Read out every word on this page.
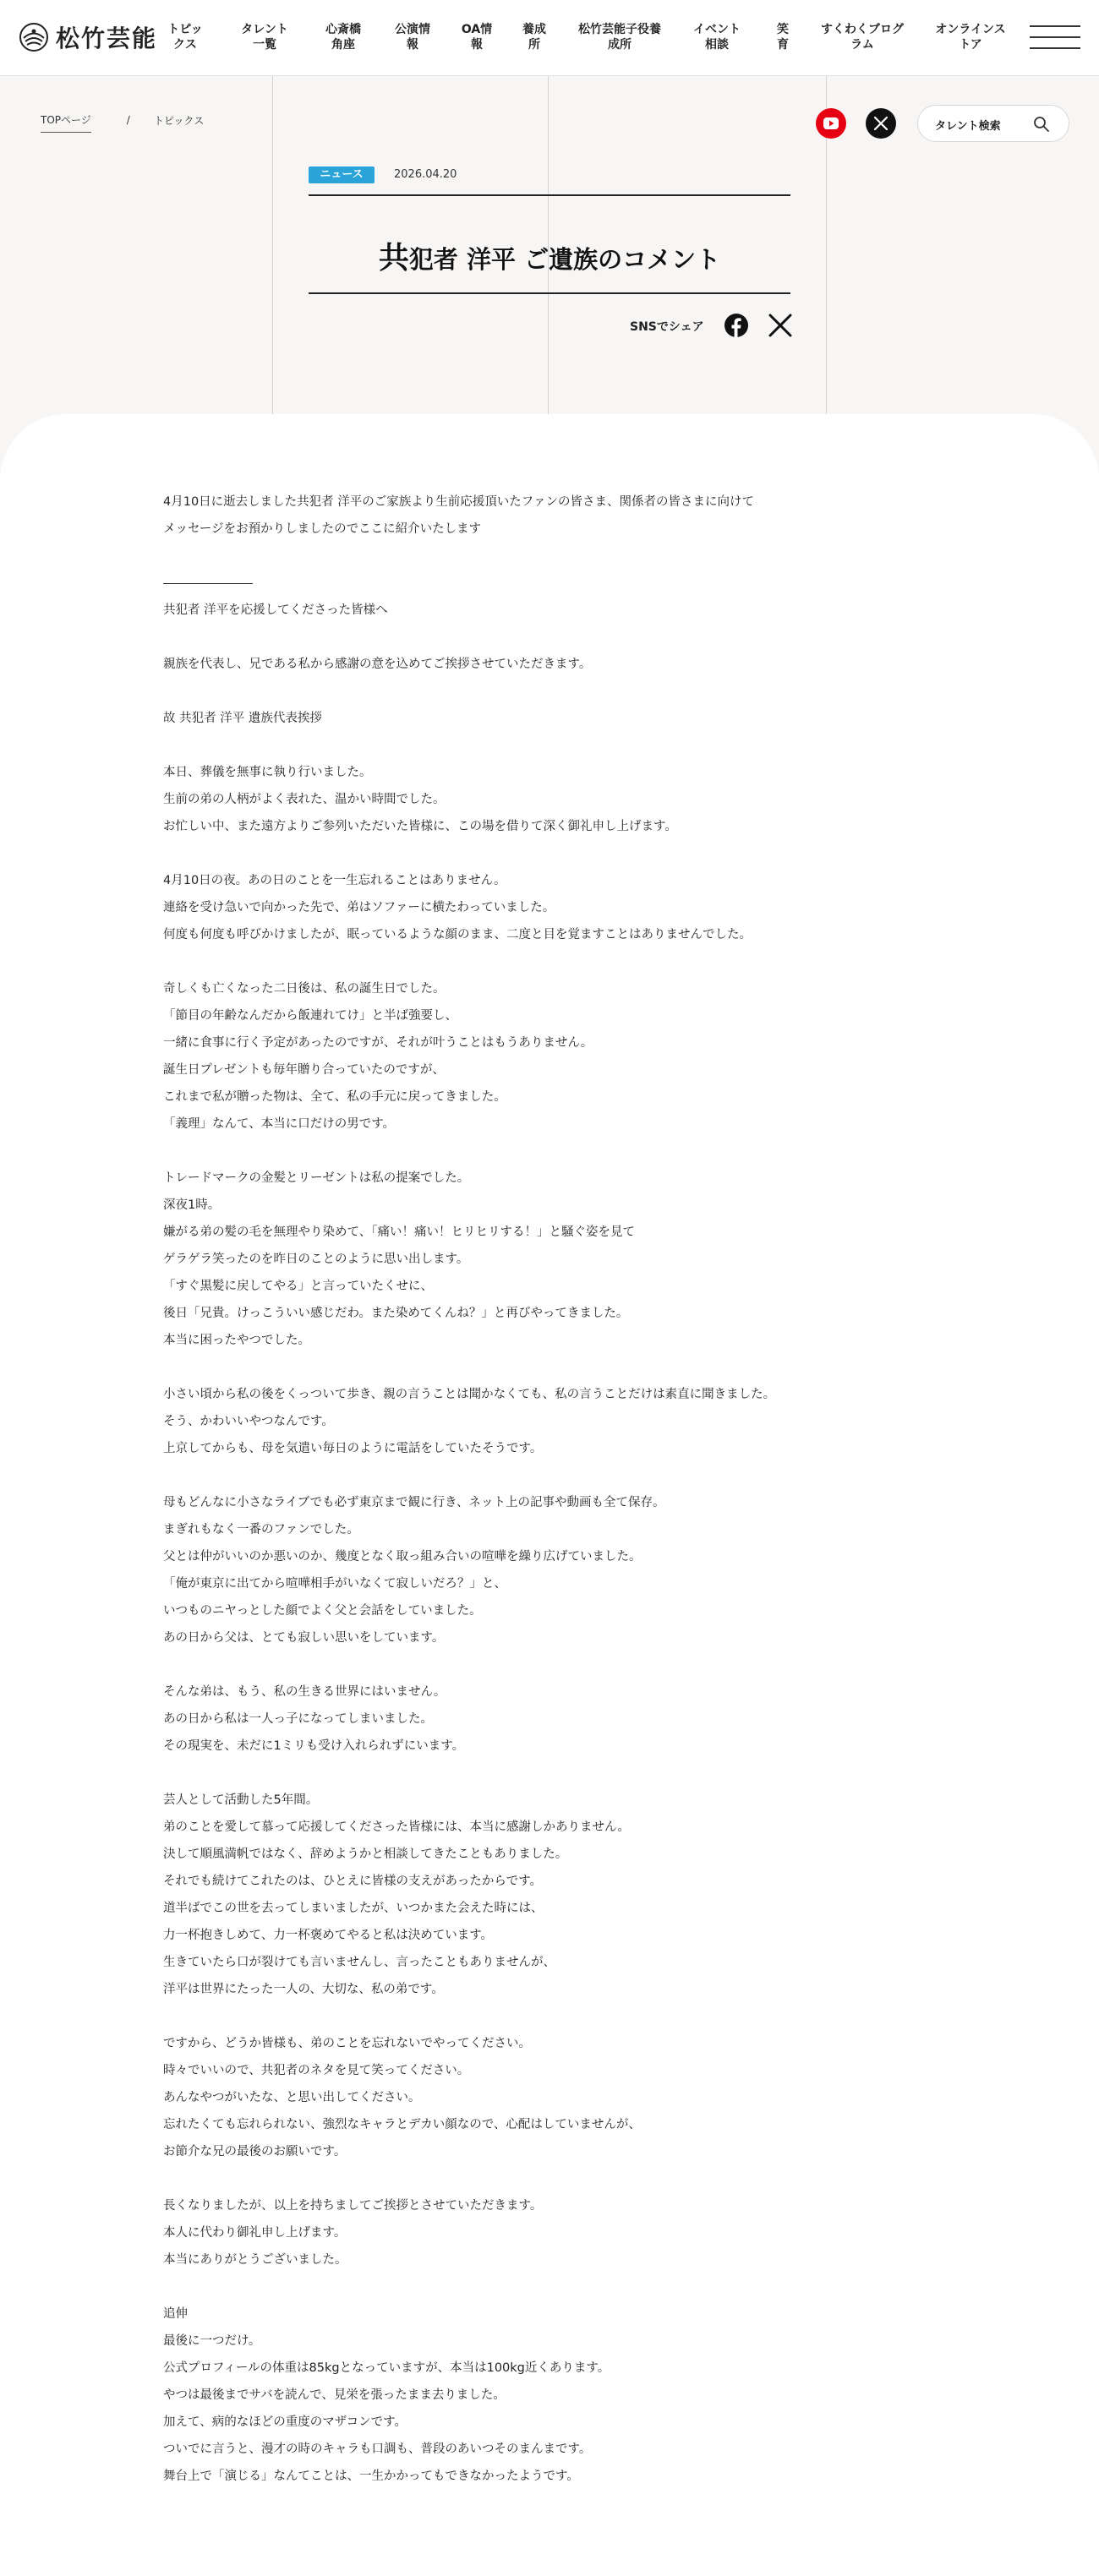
松竹芸能 トピッ
クス
タレント
一覧
心斎橋
角座
公演情
報
OA情
報
養成
所
松竹芸能子役養
成所
イベント
相談
笑
育
すくわくブログ
ラム
オンラインス
トア
TOPページ	/ トピックス	タレント検索
ニュース	2026.04.20
共犯者 洋平 ご遺族のコメント
SNSでシェア

4月10日に逝去しました共犯者 洋平のご家族より生前応援頂いたファンの皆さま、関係者の皆さまに向けて

メッセージをお預かりしましたのでここに紹介いたします

共犯者 洋平を応援してくださった皆様へ

親族を代表し、兄である私から感謝の意を込めてご挨拶させていただきます。

故 共犯者 洋平 遺族代表挨拶

本日、葬儀を無事に執り行いました。

生前の弟の人柄がよく表れた、温かい時間でした。

お忙しい中、また遠方よりご参列いただいた皆様に、この場を借りて深く御礼申し上げます。

4月10日の夜。あの日のことを一生忘れることはありません。

連絡を受け急いで向かった先で、弟はソファーに横たわっていました。

何度も何度も呼びかけましたが、眠っているような顔のまま、二度と目を覚ますことはありませんでした。

奇しくも亡くなった二日後は、私の誕生日でした。

「節目の年齢なんだから飯連れてけ」と半ば強要し、

一緒に食事に行く予定があったのですが、それが叶うことはもうありません。

誕生日プレゼントも毎年贈り合っていたのですが、

これまで私が贈った物は、全て、私の手元に戻ってきました。

「義理」なんて、本当に口だけの男です。

トレードマークの金髪とリーゼントは私の提案でした。

深夜1時。

嫌がる弟の髪の毛を無理やり染めて、「痛い！痛い！ヒリヒリする！」と騒ぐ姿を見て

ゲラゲラ笑ったのを昨日のことのように思い出します。

「すぐ黒髪に戻してやる」と言っていたくせに、

後日「兄貴。けっこういい感じだわ。また染めてくんね？」と再びやってきました。

本当に困ったやつでした。

小さい頃から私の後をくっついて歩き、親の言うことは聞かなくても、私の言うことだけは素直に聞きました。

そう、かわいいやつなんです。

上京してからも、母を気遣い毎日のように電話をしていたそうです。

母もどんなに小さなライブでも必ず東京まで観に行き、ネット上の記事や動画も全て保存。

まぎれもなく一番のファンでした。

父とは仲がいいのか悪いのか、幾度となく取っ組み合いの喧嘩を繰り広げていました。

「俺が東京に出てから喧嘩相手がいなくて寂しいだろ？」と、

いつものニヤっとした顔でよく父と会話をしていました。

あの日から父は、とても寂しい思いをしています。

そんな弟は、もう、私の生きる世界にはいません。

あの日から私は一人っ子になってしまいました。

その現実を、未だに1ミリも受け入れられずにいます。

芸人として活動した5年間。

弟のことを愛して慕って応援してくださった皆様には、本当に感謝しかありません。

決して順風満帆ではなく、辞めようかと相談してきたこともありました。

それでも続けてこれたのは、ひとえに皆様の支えがあったからです。

道半ばでこの世を去ってしまいましたが、いつかまた会えた時には、

力一杯抱きしめて、力一杯褒めてやると私は決めています。

生きていたら口が裂けても言いませんし、言ったこともありませんが、

洋平は世界にたった一人の、大切な、私の弟です。

ですから、どうか皆様も、弟のことを忘れないでやってください。

時々でいいので、共犯者のネタを見て笑ってください。

あんなやつがいたな、と思い出してください。

忘れたくても忘れられない、強烈なキャラとデカい顔なので、心配はしていませんが、

お節介な兄の最後のお願いです。

長くなりましたが、以上を持ちましてご挨拶とさせていただきます。

本人に代わり御礼申し上げます。

本当にありがとうございました。

追伸

最後に一つだけ。

公式プロフィールの体重は85kgとなっていますが、本当は100kg近くあります。

やつは最後までサバを読んで、見栄を張ったまま去りました。

加えて、病的なほどの重度のマザコンです。

ついでに言うと、漫才の時のキャラも口調も、普段のあいつそのまんまです。

舞台上で「演じる」なんてことは、一生かかってもできなかったようです。
